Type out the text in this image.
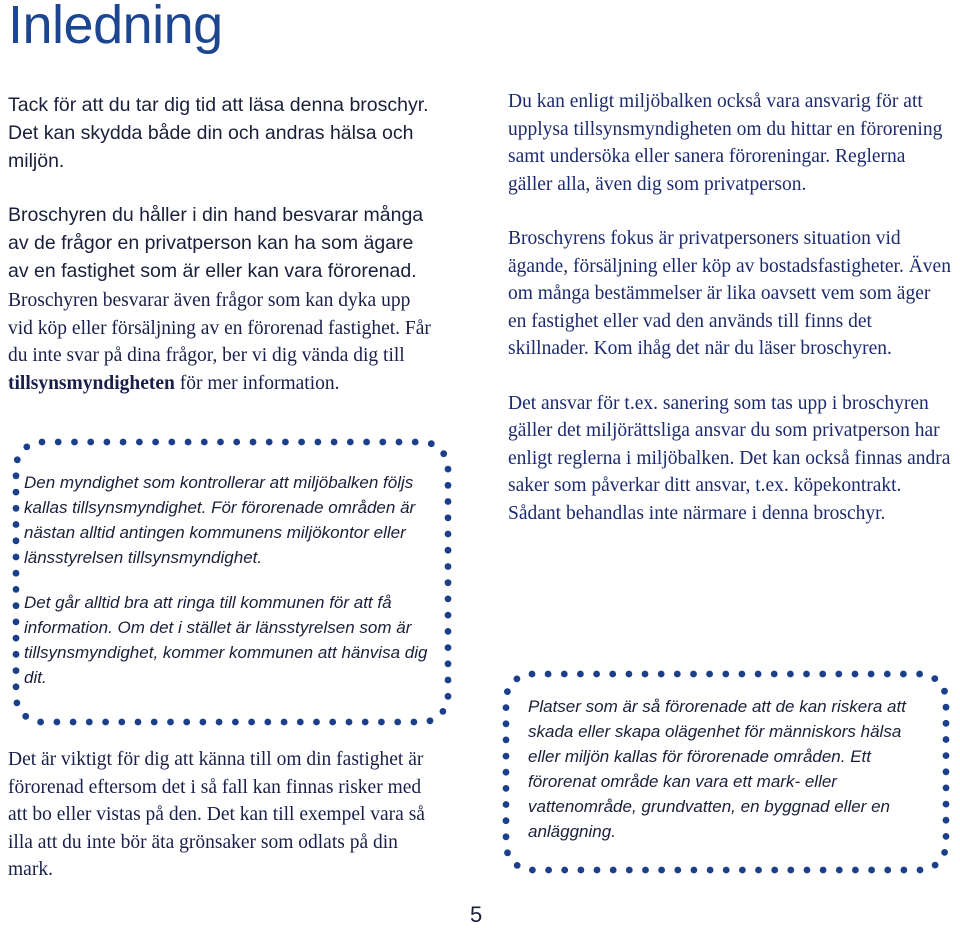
Inledning

Tack för att du tar dig tid att läsa denna broschyr. Det kan skydda både din och andras hälsa och miljön.

Broschyren du håller i din hand besvarar många av de frågor en privatperson kan ha som ägare av en fastighet som är eller kan vara förorenad.

Broschyren besvarar även frågor som kan dyka upp vid köp eller försäljning av en förorenad fastighet. Får du inte svar på dina frågor, ber vi dig vända dig till tillsynsmyndigheten för mer information.

Den myndighet som kontrollerar att miljöbalken följs kallas tillsynsmyndighet. För förorenade områden är nästan alltid antingen kommunens miljökontor eller länsstyrelsen tillsynsmyndighet.

Det går alltid bra att ringa till kommunen för att få information. Om det i stället är länsstyrelsen som är tillsynsmyndighet, kommer kommunen att hänvisa dig dit.

Det är viktigt för dig att känna till om din fastighet är förorenad eftersom det i så fall kan finnas risker med att bo eller vistas på den. Det kan till exempel vara så illa att du inte bör äta grönsaker som odlats på din mark.

Du kan enligt miljöbalken också vara ansvarig för att upplysa tillsynsmyndigheten om du hittar en förorening samt undersöka eller sanera föroreningar. Reglerna gäller alla, även dig som privatperson.

Broschyrens fokus är privatpersoners situation vid ägande, försäljning eller köp av bostadsfastigheter. Även om många bestämmelser är lika oavsett vem som äger en fastighet eller vad den används till finns det skillnader. Kom ihåg det när du läser broschyren.

Det ansvar för t.ex. sanering som tas upp i broschyren gäller det miljörättsliga ansvar du som privatperson har enligt reglerna i miljöbalken. Det kan också finnas andra saker som påverkar ditt ansvar, t.ex. köpekontrakt. Sådant behandlas inte närmare i denna broschyr.

Platser som är så förorenade att de kan riskera att skada eller skapa olägenhet för människors hälsa eller miljön kallas för förorenade områden. Ett förorenat område kan vara ett mark- eller vattenområde, grundvatten, en byggnad eller en anläggning.

5
